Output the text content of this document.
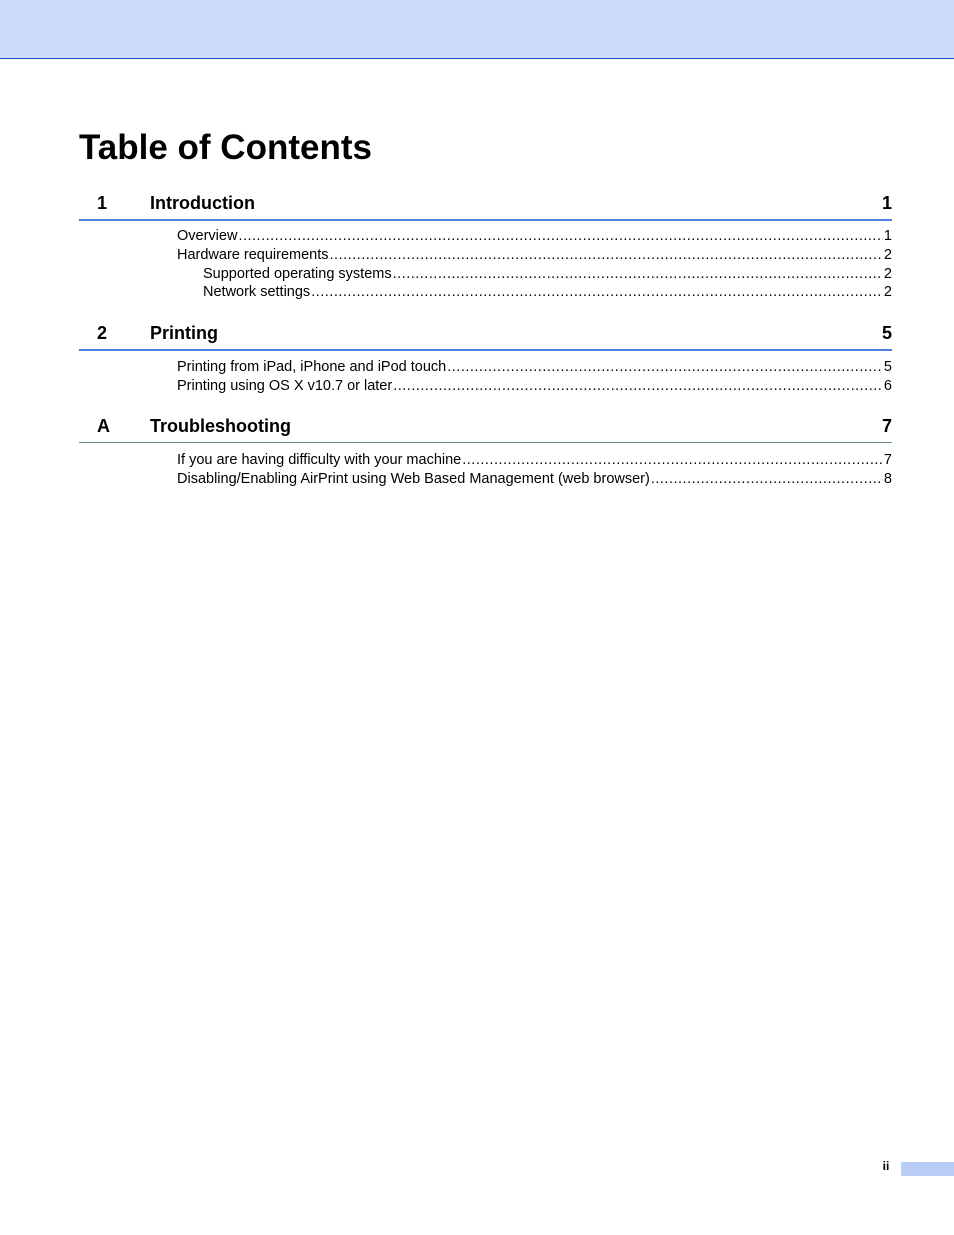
Table of Contents
1 Introduction	1
Overview .....	1
Hardware requirements .....	2
Supported operating systems .....	2
Network settings .....	2
2 Printing	5
Printing from iPad, iPhone and iPod touch .....	5
Printing using OS X v10.7 or later .....	6
A Troubleshooting	7
If you are having difficulty with your machine .....	7
Disabling/Enabling AirPrint using Web Based Management (web browser) .....	8
ii
